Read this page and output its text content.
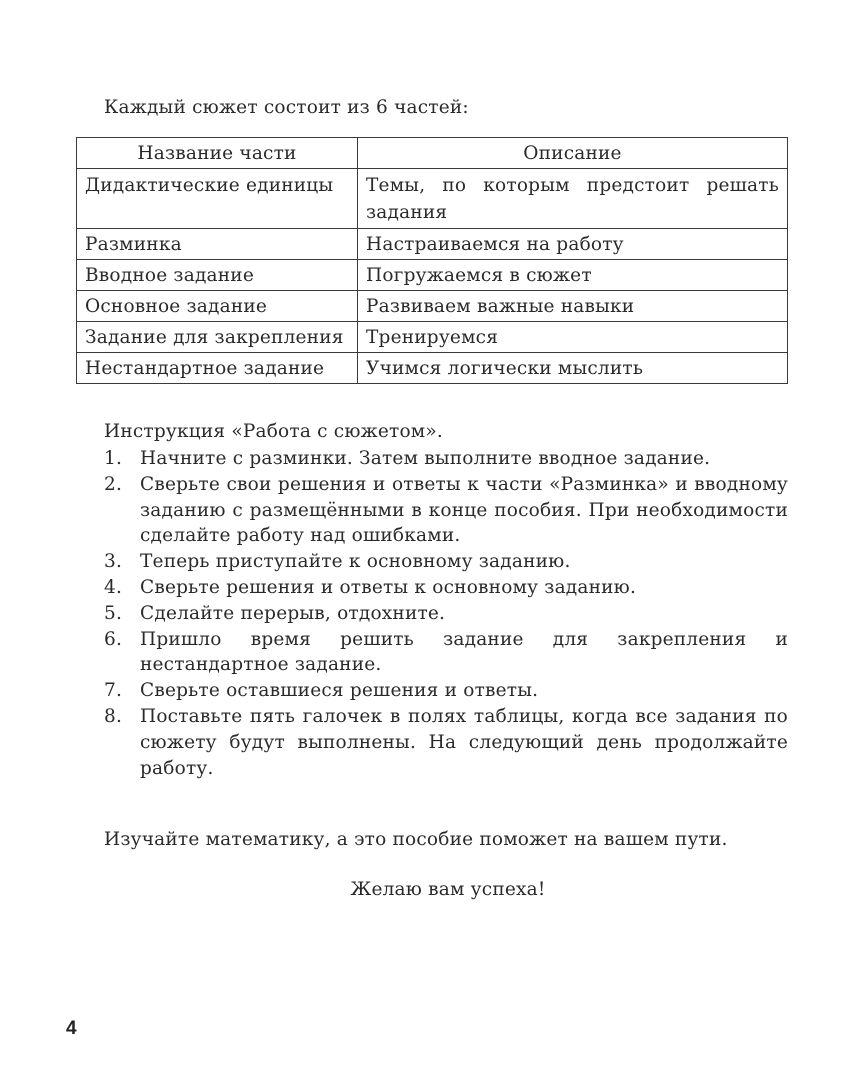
Каждый сюжет состоит из 6 частей:
Название части	Описание
Дидактические единицы	Темы, по которым предстоит решать задания
Разминка	Настраиваемся на работу
Вводное задание	Погружаемся в сюжет
Основное задание	Развиваем важные навыки
Задание для закрепления	Тренируемся
Нестандартное задание	Учимся логически мыслить
Инструкция «Работа с сюжетом».
1. Начните с разминки. Затем выполните вводное задание.
2. Сверьте свои решения и ответы к части «Разминка» и вводному заданию с размещёнными в конце пособия. При необходимости сделайте работу над ошибками.
3. Теперь приступайте к основному заданию.
4. Сверьте решения и ответы к основному заданию.
5. Сделайте перерыв, отдохните.
6. Пришло время решить задание для закрепления и нестандартное задание.
7. Сверьте оставшиеся решения и ответы.
8. Поставьте пять галочек в полях таблицы, когда все задания по сюжету будут выполнены. На следующий день продолжайте работу.
Изучайте математику, а это пособие поможет на вашем пути.
Желаю вам успеха!
4
